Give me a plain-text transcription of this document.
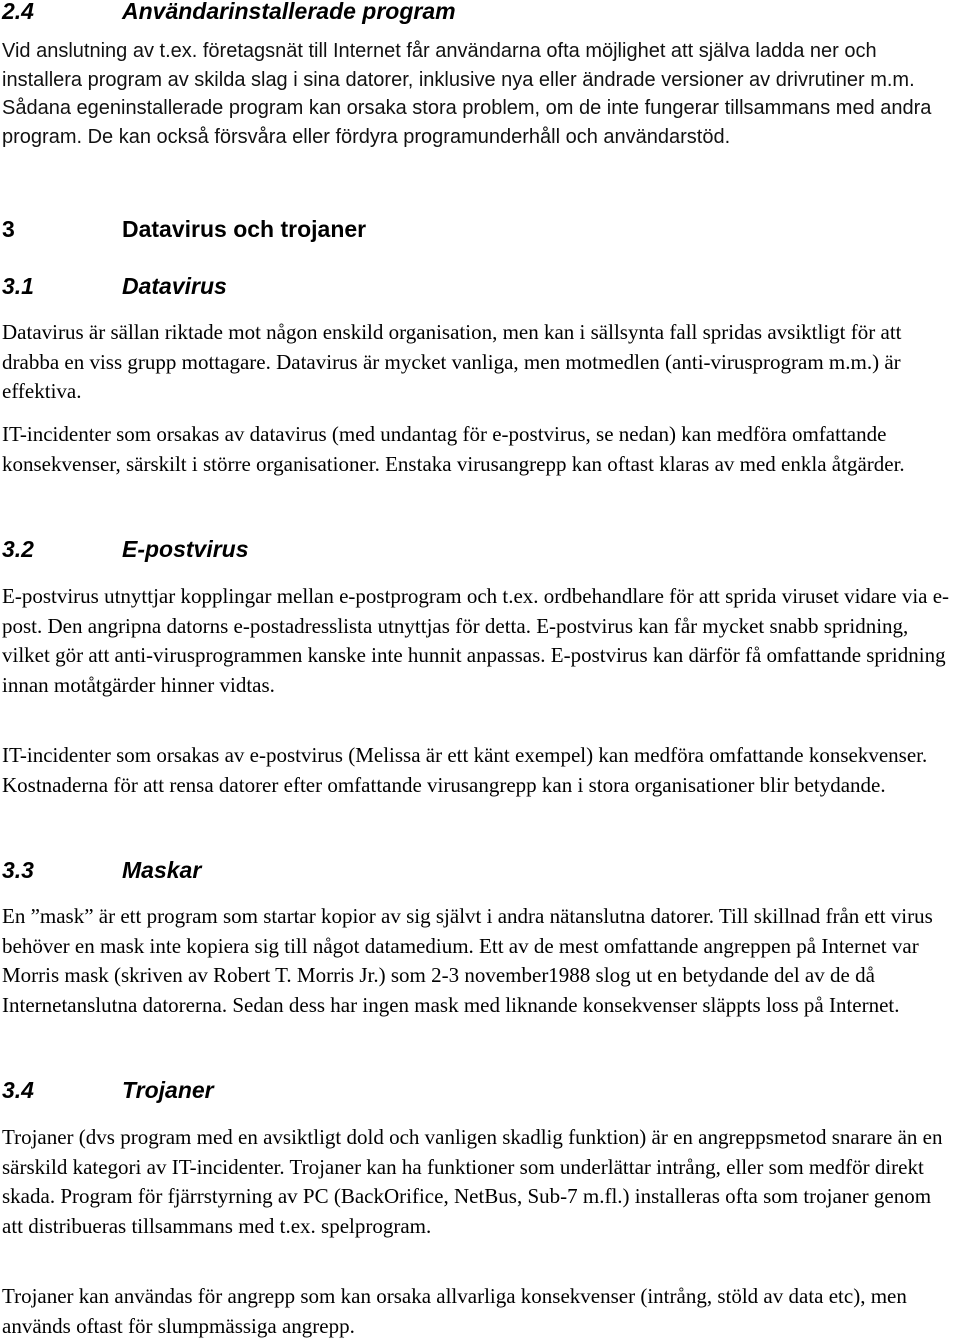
2.4	Användarinstallerade program

Vid anslutning av t.ex. företagsnät till Internet får användarna ofta möjlighet att själva ladda ner och installera program av skilda slag i sina datorer, inklusive nya eller ändrade versioner av drivrutiner m.m. Sådana egeninstallerade program kan orsaka stora problem, om de inte fungerar tillsammans med andra program. De kan också försvåra eller fördyra programunderhåll och användarstöd.

3	Datavirus och trojaner
3.1	Datavirus

Datavirus är sällan riktade mot någon enskild organisation, men kan i sällsynta fall spridas avsiktligt för att drabba en viss grupp mottagare. Datavirus är mycket vanliga, men motmedlen (anti-virusprogram m.m.) är effektiva.

IT-incidenter som orsakas av datavirus (med undantag för e-postvirus, se nedan) kan medföra omfattande konsekvenser, särskilt i större organisationer. Enstaka virusangrepp kan oftast klaras av med enkla åtgärder.

3.2	E-postvirus

E-postvirus utnyttjar kopplingar mellan e-postprogram och t.ex. ordbehandlare för att sprida viruset vidare via e-post. Den angripna datorns e-postadresslista utnyttjas för detta. E-postvirus kan får mycket snabb spridning, vilket gör att anti-virusprogrammen kanske inte hunnit anpassas. E-postvirus kan därför få omfattande spridning innan motåtgärder hinner vidtas.

IT-incidenter som orsakas av e-postvirus (Melissa är ett känt exempel) kan medföra omfattande konsekvenser. Kostnaderna för att rensa datorer efter omfattande virusangrepp kan i stora organisationer blir betydande.

3.3	Maskar

En ”mask” är ett program som startar kopior av sig självt i andra nätanslutna datorer. Till skillnad från ett virus behöver en mask inte kopiera sig till något datamedium. Ett av de mest omfattande angreppen på Internet var Morris mask (skriven av Robert T. Morris Jr.) som 2-3 november1988 slog ut en betydande del av de då Internetanslutna datorerna. Sedan dess har ingen mask med liknande konsekvenser släppts loss på Internet.

3.4	Trojaner

Trojaner (dvs program med en avsiktligt dold och vanligen skadlig funktion) är en angreppsmetod snarare än en särskild kategori av IT-incidenter. Trojaner kan ha funktioner som underlättar intrång, eller som medför direkt skada. Program för fjärrstyrning av PC (BackOrifice, NetBus, Sub-7 m.fl.) installeras ofta som trojaner genom att distribueras tillsammans med t.ex. spelprogram.

Trojaner kan användas för angrepp som kan orsaka allvarliga konsekvenser (intrång, stöld av data etc), men används oftast för slumpmässiga angrepp.
